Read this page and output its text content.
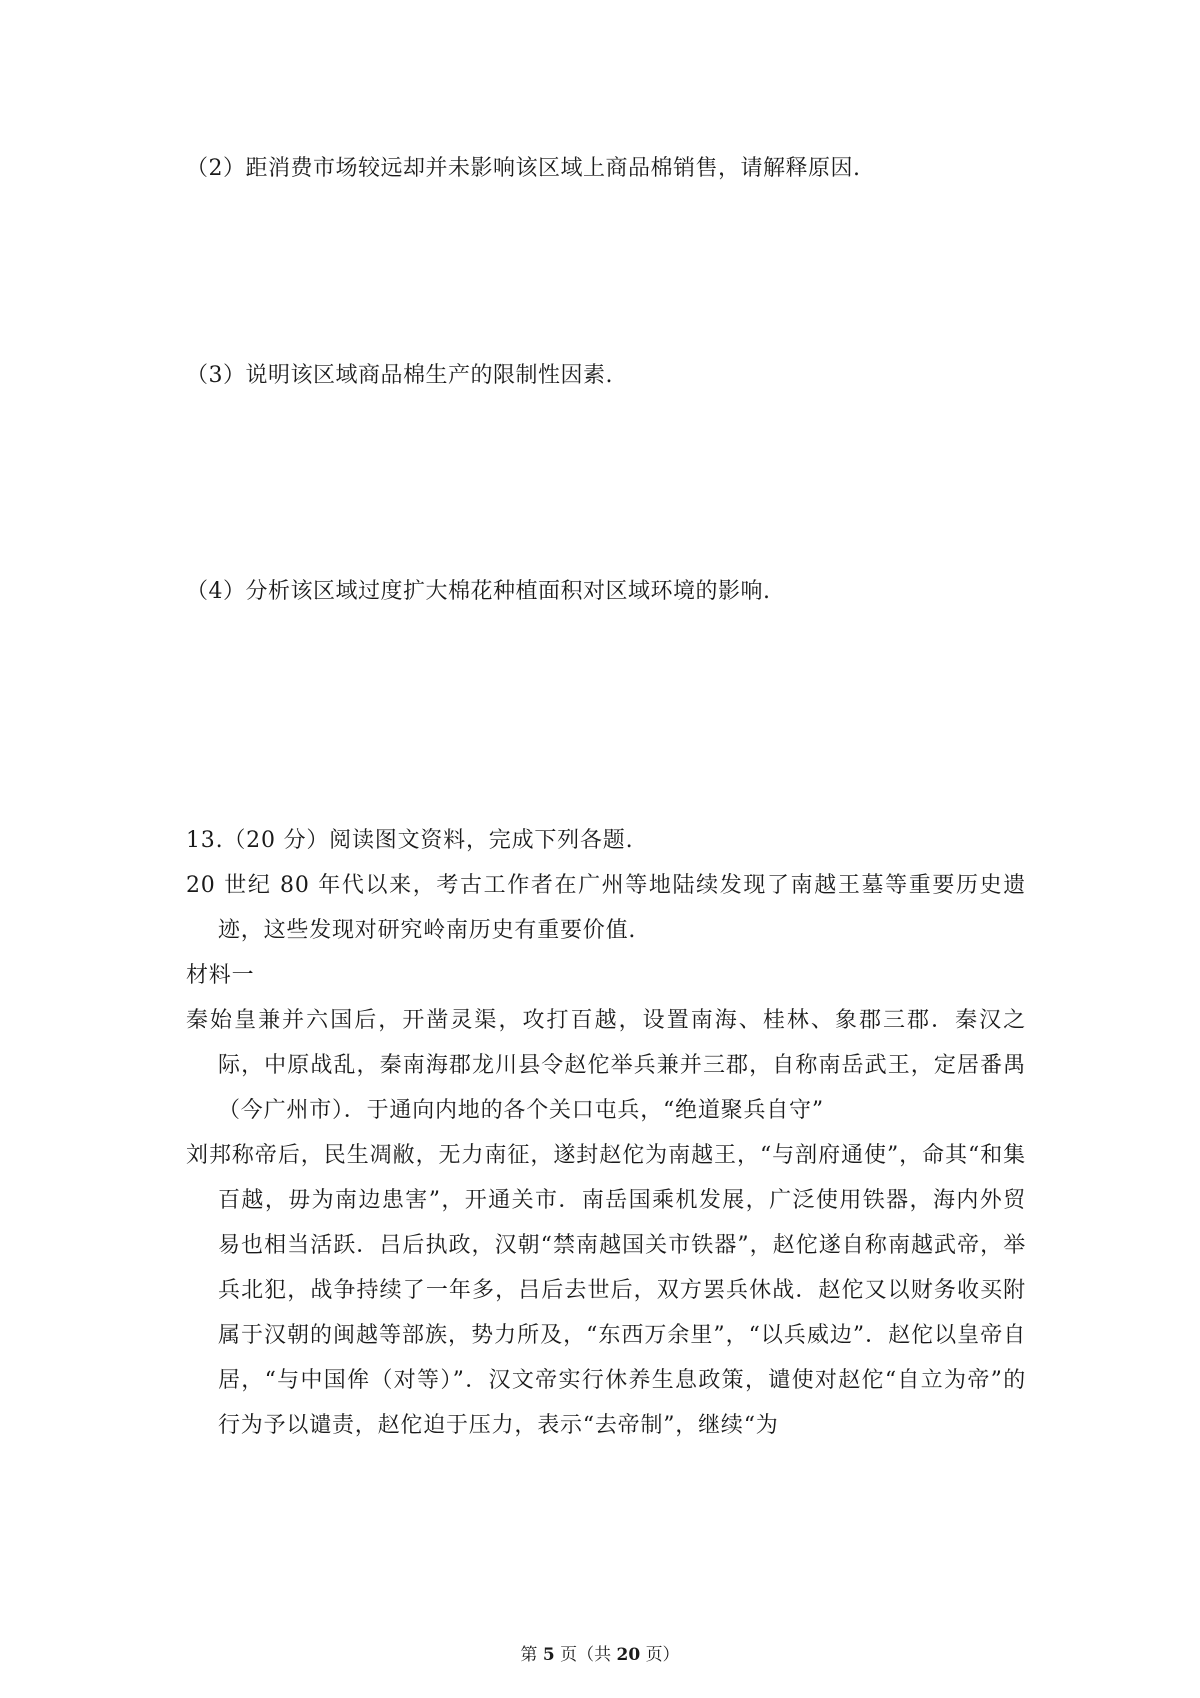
（2）距消费市场较远却并未影响该区域上商品棉销售，请解释原因.
（3）说明该区域商品棉生产的限制性因素.
（4）分析该区域过度扩大棉花种植面积对区域环境的影响.

13.（20 分）阅读图文资料，完成下列各题.

20 世纪 80 年代以来，考古工作者在广州等地陆续发现了南越王墓等重要历史遗迹，这些发现对研究岭南历史有重要价值.

材料一

秦始皇兼并六国后，开凿灵渠，攻打百越，设置南海、桂林、象郡三郡．秦汉之际，中原战乱，秦南海郡龙川县令赵佗举兵兼并三郡，自称南岳武王，定居番禺 （今广州市）．于通向内地的各个关口屯兵，“绝道聚兵自守”

刘邦称帝后，民生凋敝，无力南征，遂封赵佗为南越王，“与剖府通使”，命其“和集百越，毋为南边患害”，开通关市．南岳国乘机发展，广泛使用铁器，海内外贸易也相当活跃．吕后执政，汉朝“禁南越国关市铁器”，赵佗遂自称南越武帝，举兵北犯，战争持续了一年多，吕后去世后，双方罢兵休战．赵佗又以财务收买附属于汉朝的闽越等部族，势力所及，“东西万余里”，“以兵威边”．赵佗以皇帝自居，“与中国侔（对等）”．汉文帝实行休养生息政策，谴使对赵佗“自立为帝”的行为予以谴责，赵佗迫于压力，表示“去帝制”，继续“为

第 5 页（共 20 页）
